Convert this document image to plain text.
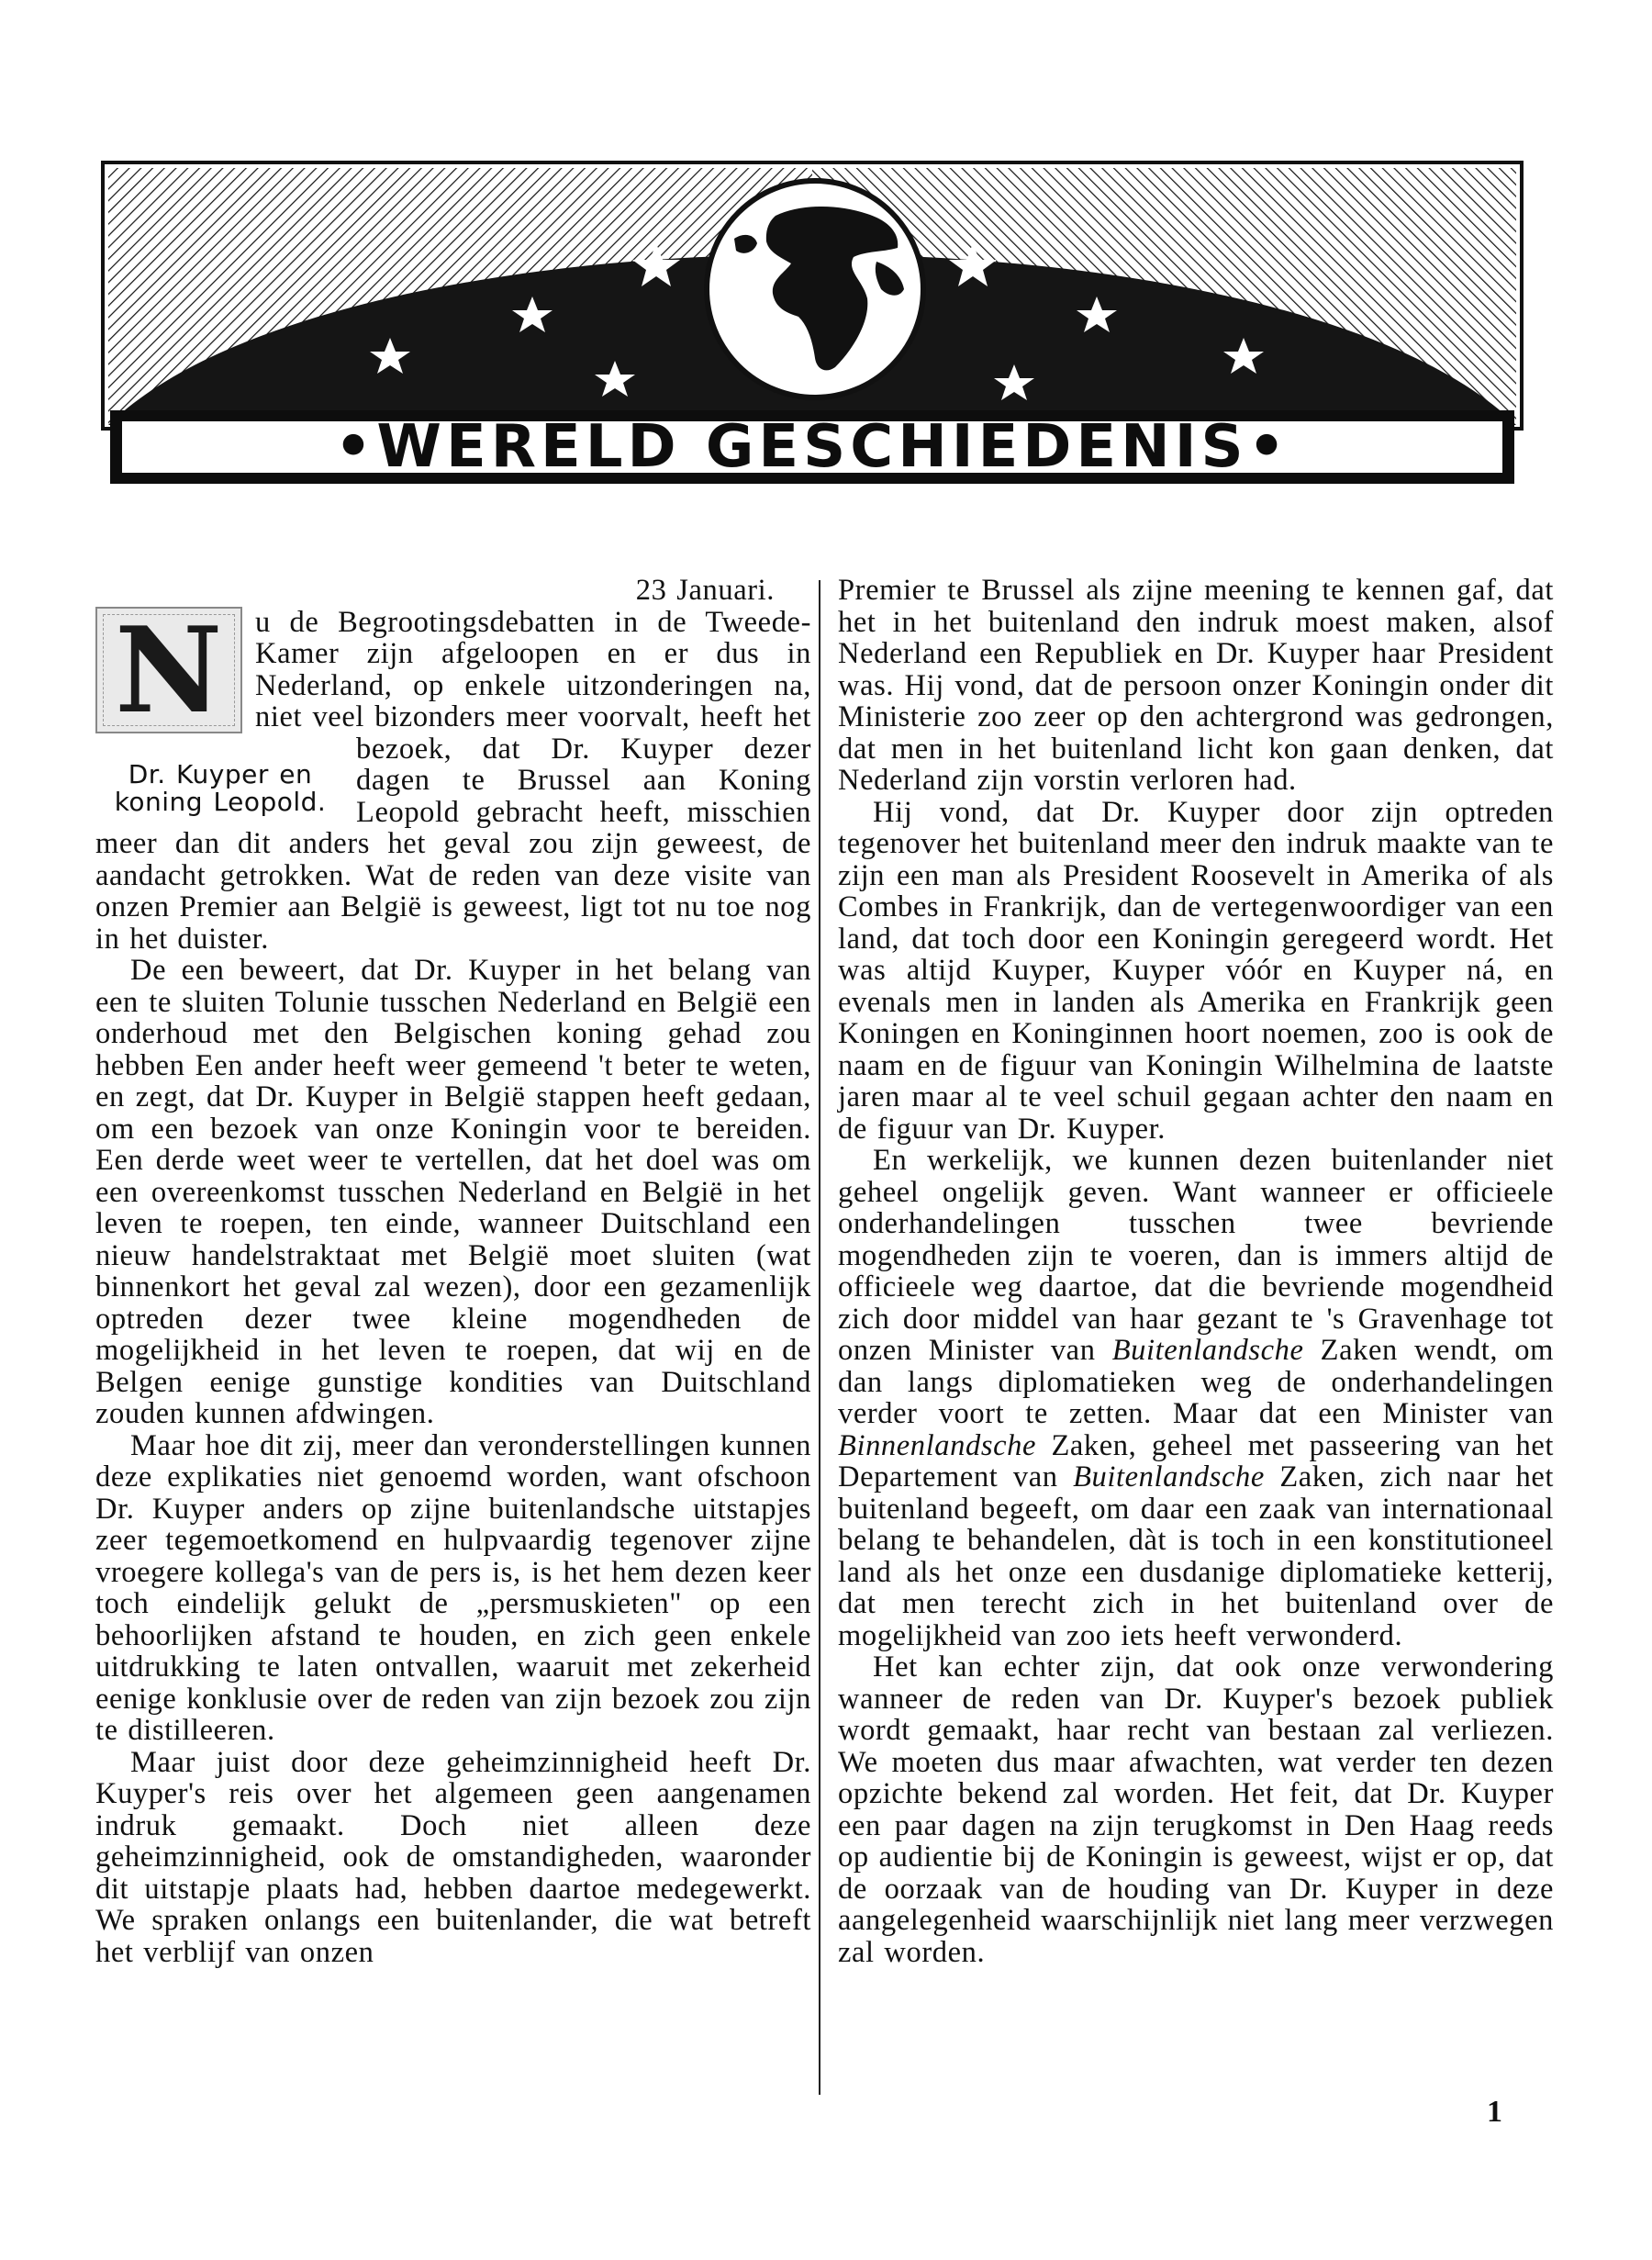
•WERELD GESCHIEDENIS•

23 Januari.

N
Dr. Kuyper en
koning Leopold.

u de Begrootingsdebatten in de Tweede-Kamer zijn afgeloopen en er dus in Nederland, op enkele uitzonderingen na, niet veel bizonders meer voorvalt, heeft het bezoek, dat Dr. Kuyper dezer dagen te Brussel aan Koning Leopold gebracht heeft, misschien meer dan dit anders het geval zou zijn geweest, de aandacht getrokken. Wat de reden van deze visite van onzen Premier aan België is geweest, ligt tot nu toe nog in het duister.

De een beweert, dat Dr. Kuyper in het belang van een te sluiten Tolunie tusschen Nederland en België een onderhoud met den Belgischen koning gehad zou hebben Een ander heeft weer gemeend 't beter te weten, en zegt, dat Dr. Kuyper in België stappen heeft gedaan, om een bezoek van onze Koningin voor te bereiden. Een derde weet weer te vertellen, dat het doel was om een overeenkomst tusschen Nederland en België in het leven te roepen, ten einde, wanneer Duitschland een nieuw handelstraktaat met België moet sluiten (wat binnenkort het geval zal wezen), door een gezamenlijk optreden dezer twee kleine mogendheden de mogelijkheid in het leven te roepen, dat wij en de Belgen eenige gunstige kondities van Duitschland zouden kunnen afdwingen.

Maar hoe dit zij, meer dan veronderstellingen kunnen deze explikaties niet genoemd worden, want ofschoon Dr. Kuyper anders op zijne buitenlandsche uitstapjes zeer tegemoetkomend en hulpvaardig tegenover zijne vroegere kollega's van de pers is, is het hem dezen keer toch eindelijk gelukt de „persmuskieten" op een behoorlijken afstand te houden, en zich geen enkele uitdrukking te laten ontvallen, waaruit met zekerheid eenige konklusie over de reden van zijn bezoek zou zijn te distilleeren.

Maar juist door deze geheimzinnigheid heeft Dr. Kuyper's reis over het algemeen geen aangenamen indruk gemaakt. Doch niet alleen deze geheimzinnigheid, ook de omstandigheden, waaronder dit uitstapje plaats had, hebben daartoe medegewerkt. We spraken onlangs een buitenlander, die wat betreft het verblijf van onzen

Premier te Brussel als zijne meening te kennen gaf, dat het in het buitenland den indruk moest maken, alsof Nederland een Republiek en Dr. Kuyper haar President was. Hij vond, dat de persoon onzer Koningin onder dit Ministerie zoo zeer op den achtergrond was gedrongen, dat men in het buitenland licht kon gaan denken, dat Nederland zijn vorstin verloren had.

Hij vond, dat Dr. Kuyper door zijn optreden tegenover het buitenland meer den indruk maakte van te zijn een man als President Roosevelt in Amerika of als Combes in Frankrijk, dan de vertegenwoordiger van een land, dat toch door een Koningin geregeerd wordt. Het was altijd Kuyper, Kuyper vóór en Kuyper ná, en evenals men in landen als Amerika en Frankrijk geen Koningen en Koninginnen hoort noemen, zoo is ook de naam en de figuur van Koningin Wilhelmina de laatste jaren maar al te veel schuil gegaan achter den naam en de figuur van Dr. Kuyper.

En werkelijk, we kunnen dezen buitenlander niet geheel ongelijk geven. Want wanneer er officieele onderhandelingen tusschen twee bevriende mogendheden zijn te voeren, dan is immers altijd de officieele weg daartoe, dat die bevriende mogendheid zich door middel van haar gezant te 's Gravenhage tot onzen Minister van Buitenlandsche Zaken wendt, om dan langs diplomatieken weg de onderhandelingen verder voort te zetten. Maar dat een Minister van Binnenlandsche Zaken, geheel met passeering van het Departement van Buitenlandsche Zaken, zich naar het buitenland begeeft, om daar een zaak van internationaal belang te behandelen, dàt is toch in een konstitutioneel land als het onze een dusdanige diplomatieke ketterij, dat men terecht zich in het buitenland over de mogelijkheid van zoo iets heeft verwonderd.

Het kan echter zijn, dat ook onze verwondering wanneer de reden van Dr. Kuyper's bezoek publiek wordt gemaakt, haar recht van bestaan zal verliezen. We moeten dus maar afwachten, wat verder ten dezen opzichte bekend zal worden. Het feit, dat Dr. Kuyper een paar dagen na zijn terugkomst in Den Haag reeds op audientie bij de Koningin is geweest, wijst er op, dat de oorzaak van de houding van Dr. Kuyper in deze aangelegenheid waarschijnlijk niet lang meer verzwegen zal worden.

1
